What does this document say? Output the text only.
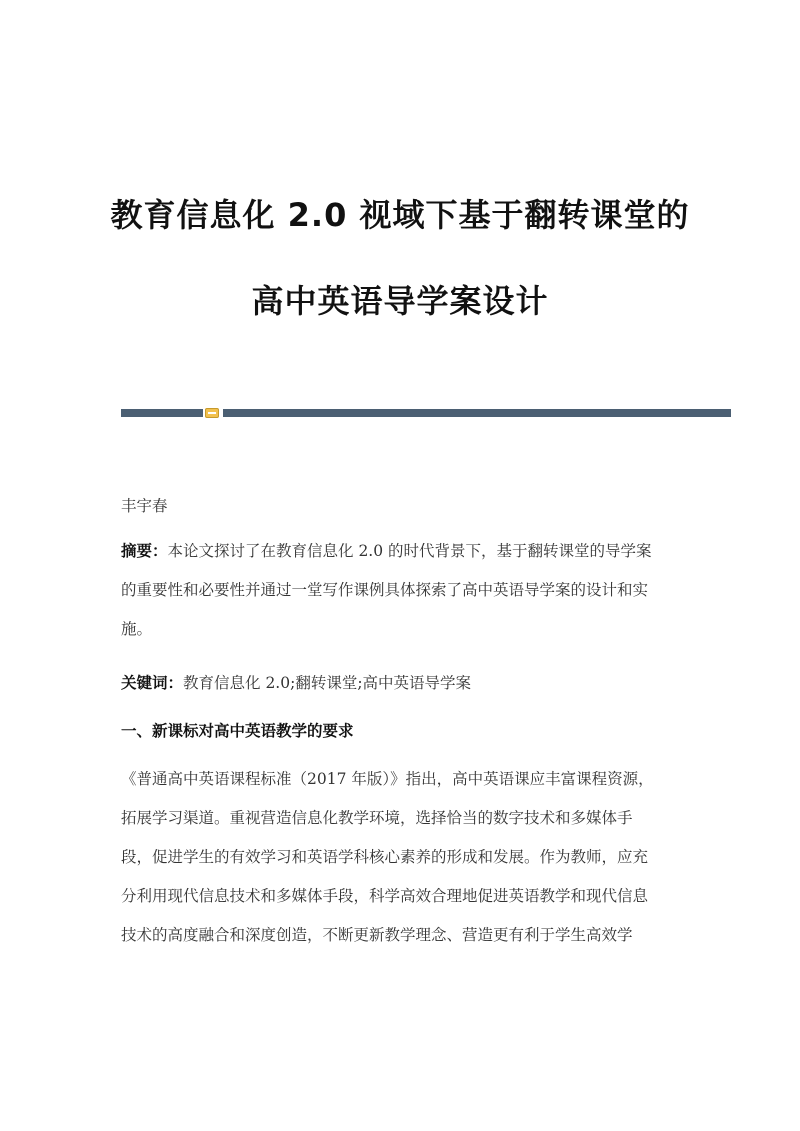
教育信息化 2.0 视域下基于翻转课堂的
高中英语导学案设计
丰宇春
摘要：本论文探讨了在教育信息化 2.0 的时代背景下，基于翻转课堂的导学案
的重要性和必要性并通过一堂写作课例具体探索了高中英语导学案的设计和实
施。
关键词：教育信息化 2.0;翻转课堂;高中英语导学案
一、新课标对高中英语教学的要求
《普通高中英语课程标准（2017 年版）》指出，高中英语课应丰富课程资源，
拓展学习渠道。重视营造信息化教学环境，选择恰当的数字技术和多媒体手
段，促进学生的有效学习和英语学科核心素养的形成和发展。作为教师，应充
分利用现代信息技术和多媒体手段，科学高效合理地促进英语教学和现代信息
技术的高度融合和深度创造，不断更新教学理念、营造更有利于学生高效学
